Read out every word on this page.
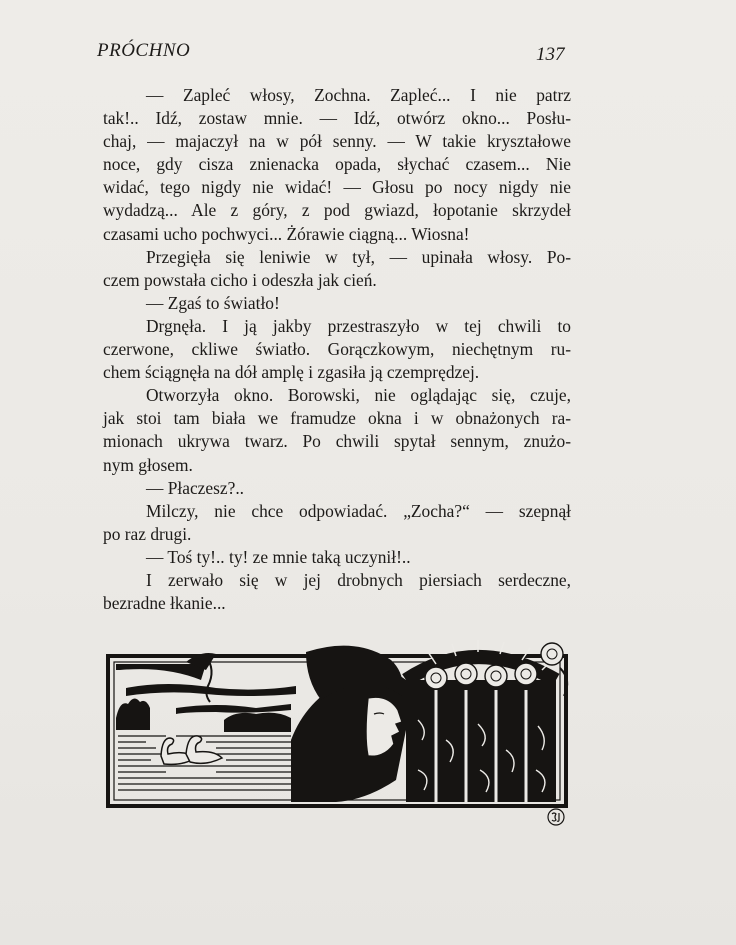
PRÓCHNO	137
— Zapleć włosy, Zochna. Zapleć... I nie patrz
tak!.. Idź, zostaw mnie. — Idź, otwórz okno... Posłu-
chaj, — majaczył na w pół senny. — W takie kryształowe
noce, gdy cisza znienacka opada, słychać czasem... Nie
widać, tego nigdy nie widać! — Głosu po nocy nigdy nie
wydadzą... Ale z góry, z pod gwiazd, łopotanie skrzydeł
czasami ucho pochwyci... Żórawie ciągną... Wiosna!
Przegięła się leniwie w tył, — upinała włosy. Po-
czem powstała cicho i odeszła jak cień.
— Zgaś to światło!
Drgnęła. I ją jakby przestraszyło w tej chwili to
czerwone, ckliwe światło. Gorączkowym, niechętnym ru-
chem ściągnęła na dół amplę i zgasiła ją czemprędzej.
Otworzyła okno. Borowski, nie oglądając się, czuje,
jak stoi tam biała we framudze okna i w obnażonych ra-
mionach ukrywa twarz. Po chwili spytał sennym, znużo-
nym głosem.
— Płaczesz?..
Milczy, nie chce odpowiadać. „Zocha?“ — szepnął
po raz drugi.
— Toś ty!.. ty! ze mnie taką uczynił!..
I zerwało się w jej drobnych piersiach serdeczne,
bezradne łkanie...
